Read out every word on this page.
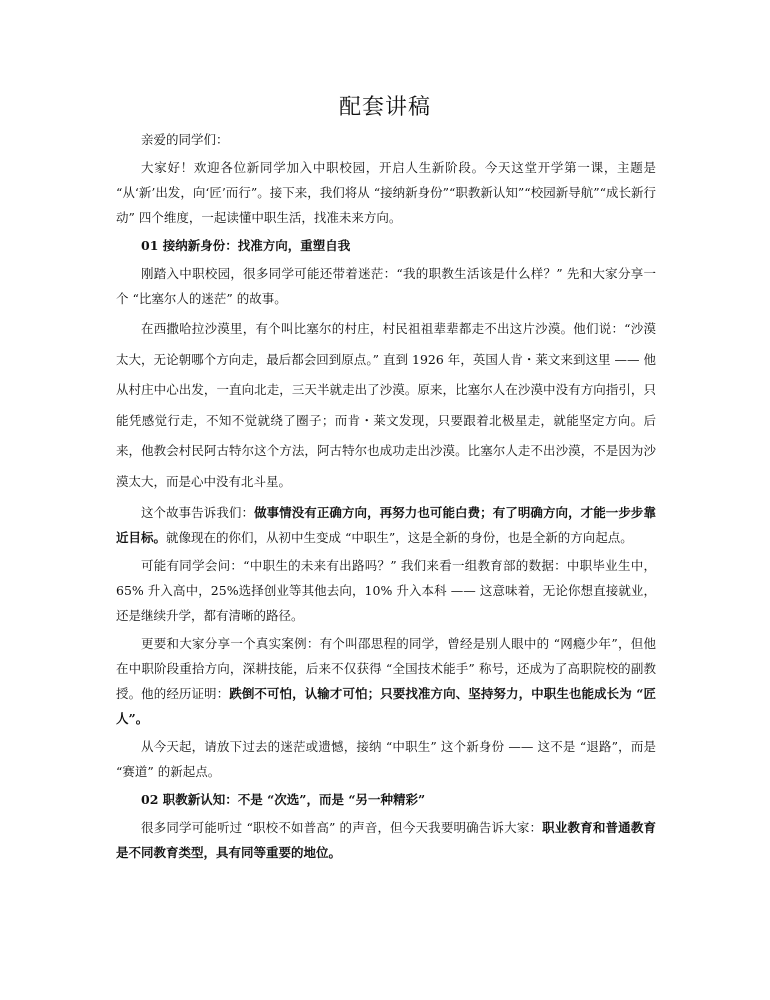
配套讲稿

亲爱的同学们：

大家好！欢迎各位新同学加入中职校园，开启人生新阶段。今天这堂开学第一课，主题是 “从‘新’出发，向‘匠’而行”。接下来，我们将从 “接纳新身份”“职教新认知”“校园新导航”“成长新行动” 四个维度，一起读懂中职生活，找准未来方向。

01 接纳新身份：找准方向，重塑自我

刚踏入中职校园，很多同学可能还带着迷茫：“我的职教生活该是什么样？” 先和大家分享一个 “比塞尔人的迷茫” 的故事。

在西撒哈拉沙漠里，有个叫比塞尔的村庄，村民祖祖辈辈都走不出这片沙漠。他们说：“沙漠太大，无论朝哪个方向走，最后都会回到原点。” 直到 1926 年，英国人肯・莱文来到这里 —— 他从村庄中心出发，一直向北走，三天半就走出了沙漠。原来，比塞尔人在沙漠中没有方向指引，只能凭感觉行走，不知不觉就绕了圈子；而肯・莱文发现，只要跟着北极星走，就能坚定方向。后来，他教会村民阿古特尔这个方法，阿古特尔也成功走出沙漠。比塞尔人走不出沙漠，不是因为沙漠太大，而是心中没有北斗星。

这个故事告诉我们：做事情没有正确方向，再努力也可能白费；有了明确方向，才能一步步靠近目标。就像现在的你们，从初中生变成 “中职生”，这是全新的身份，也是全新的方向起点。

可能有同学会问：“中职生的未来有出路吗？” 我们来看一组教育部的数据：中职毕业生中，65% 升入高中，25%选择创业等其他去向，10% 升入本科 —— 这意味着，无论你想直接就业，还是继续升学，都有清晰的路径。

更要和大家分享一个真实案例：有个叫邵思程的同学，曾经是别人眼中的 “网瘾少年”，但他在中职阶段重拾方向，深耕技能，后来不仅获得 “全国技术能手” 称号，还成为了高职院校的副教授。他的经历证明：跌倒不可怕，认输才可怕；只要找准方向、坚持努力，中职生也能成长为 “匠人”。

从今天起，请放下过去的迷茫或遗憾，接纳 “中职生” 这个新身份 —— 这不是 “退路”，而是 “赛道” 的新起点。

02 职教新认知：不是 “次选”，而是 “另一种精彩”

很多同学可能听过 “职校不如普高” 的声音，但今天我要明确告诉大家：职业教育和普通教育是不同教育类型，具有同等重要的地位。
